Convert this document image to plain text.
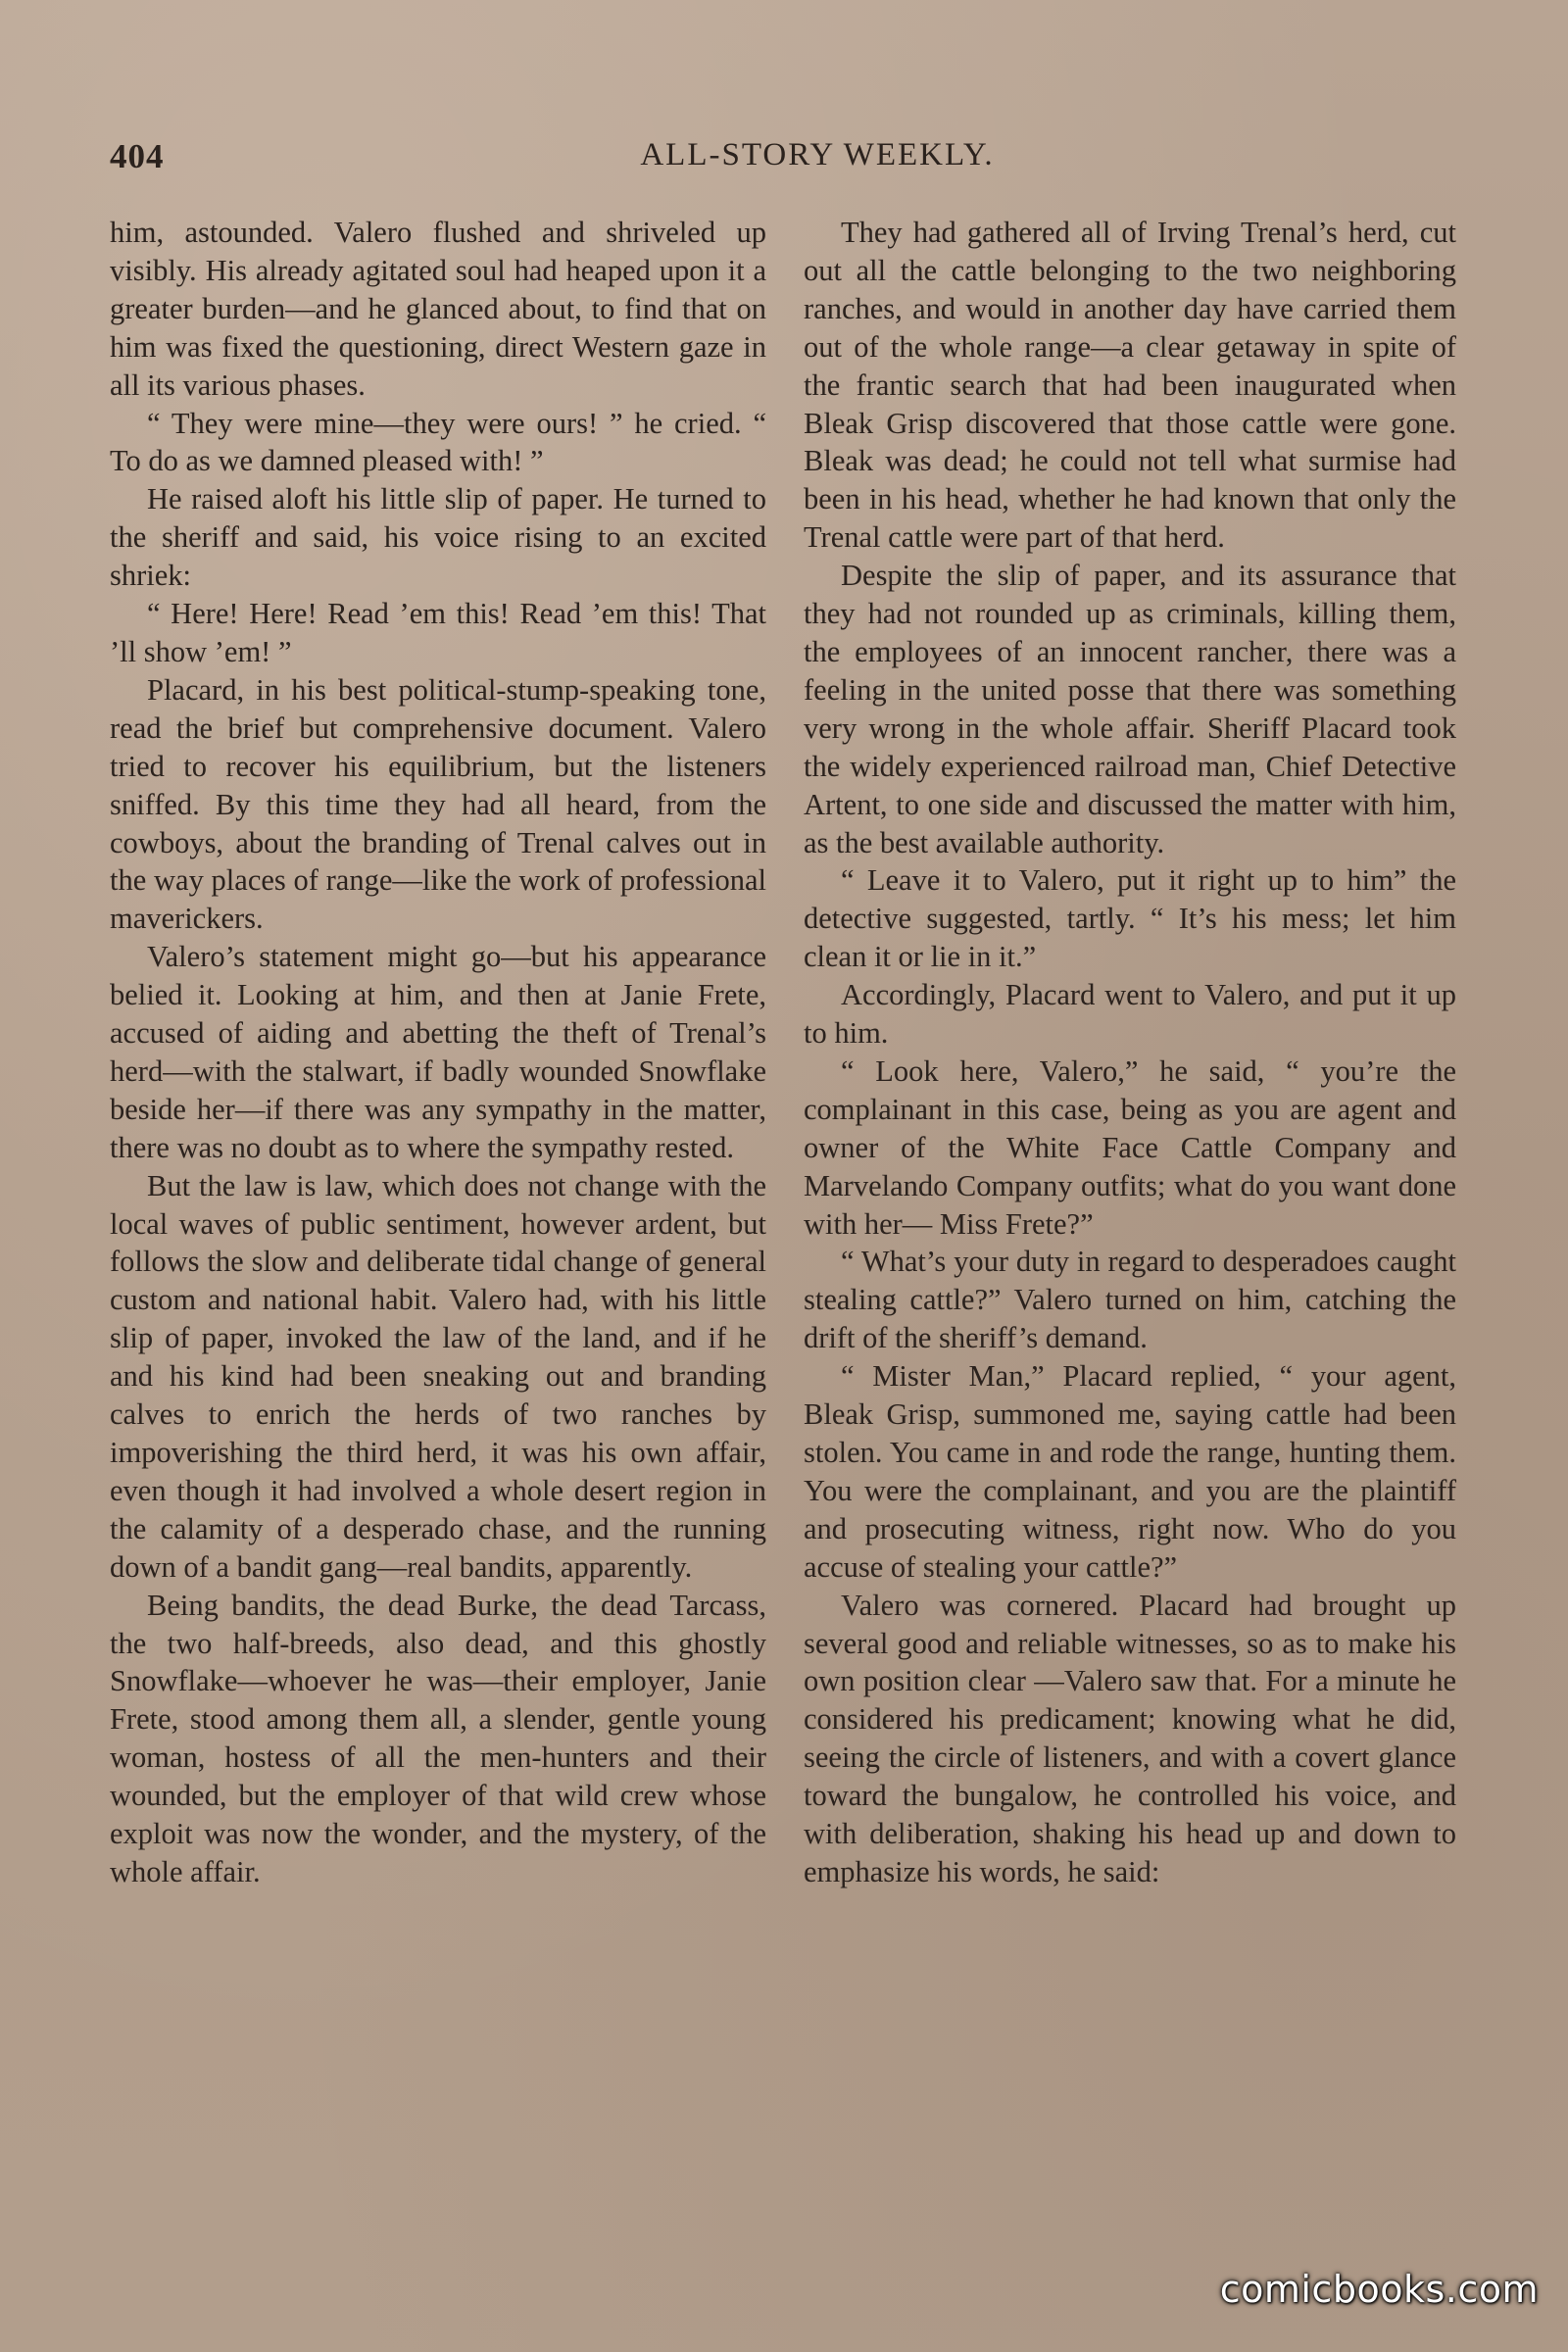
404	ALL-STORY WEEKLY.

him, astounded. Valero flushed and shriveled up visibly. His already agitated soul had heaped upon it a greater burden—and he glanced about, to find that on him was fixed the questioning, direct Western gaze in all its various phases.

“ They were mine—they were ours! ” he cried. “ To do as we damned pleased with! ”

He raised aloft his little slip of paper. He turned to the sheriff and said, his voice rising to an excited shriek:

“ Here! Here! Read ’em this! Read ’em this! That ’ll show ’em! ”

Placard, in his best political-stump-speaking tone, read the brief but comprehensive document. Valero tried to recover his equilibrium, but the listeners sniffed. By this time they had all heard, from the cowboys, about the branding of Trenal calves out in the way places of range—like the work of professional maverickers.

Valero’s statement might go—but his appearance belied it. Looking at him, and then at Janie Frete, accused of aiding and abetting the theft of Trenal’s herd—with the stalwart, if badly wounded Snowflake beside her—if there was any sympathy in the matter, there was no doubt as to where the sympathy rested.

But the law is law, which does not change with the local waves of public sentiment, however ardent, but follows the slow and deliberate tidal change of general custom and national habit. Valero had, with his little slip of paper, invoked the law of the land, and if he and his kind had been sneaking out and branding calves to enrich the herds of two ranches by impoverishing the third herd, it was his own affair, even though it had involved a whole desert region in the calamity of a desperado chase, and the running down of a bandit gang—real bandits, apparently.

Being bandits, the dead Burke, the dead Tarcass, the two half-breeds, also dead, and this ghostly Snowflake—whoever he was—their employer, Janie Frete, stood among them all, a slender, gentle young woman, hostess of all the men-hunters and their wounded, but the employer of that wild crew whose exploit was now the wonder, and the mystery, of the whole affair.

They had gathered all of Irving Trenal’s herd, cut out all the cattle belonging to the two neighboring ranches, and would in another day have carried them out of the whole range—a clear getaway in spite of the frantic search that had been inaugurated when Bleak Grisp discovered that those cattle were gone. Bleak was dead; he could not tell what surmise had been in his head, whether he had known that only the Trenal cattle were part of that herd.

Despite the slip of paper, and its assurance that they had not rounded up as criminals, killing them, the employees of an innocent rancher, there was a feeling in the united posse that there was something very wrong in the whole affair. Sheriff Placard took the widely experienced railroad man, Chief Detective Artent, to one side and discussed the matter with him, as the best available authority.

“ Leave it to Valero, put it right up to him” the detective suggested, tartly. “ It’s his mess; let him clean it or lie in it.”

Accordingly, Placard went to Valero, and put it up to him.

“ Look here, Valero,” he said, “ you’re the complainant in this case, being as you are agent and owner of the White Face Cattle Company and Marvelando Company outfits; what do you want done with her— Miss Frete?”

“ What’s your duty in regard to desperadoes caught stealing cattle?” Valero turned on him, catching the drift of the sheriff’s demand.

“ Mister Man,” Placard replied, “ your agent, Bleak Grisp, summoned me, saying cattle had been stolen. You came in and rode the range, hunting them. You were the complainant, and you are the plaintiff and prosecuting witness, right now. Who do you accuse of stealing your cattle?”

Valero was cornered. Placard had brought up several good and reliable witnesses, so as to make his own position clear —Valero saw that. For a minute he considered his predicament; knowing what he did, seeing the circle of listeners, and with a covert glance toward the bungalow, he controlled his voice, and with deliberation, shaking his head up and down to emphasize his words, he said:

comicbooks.com
